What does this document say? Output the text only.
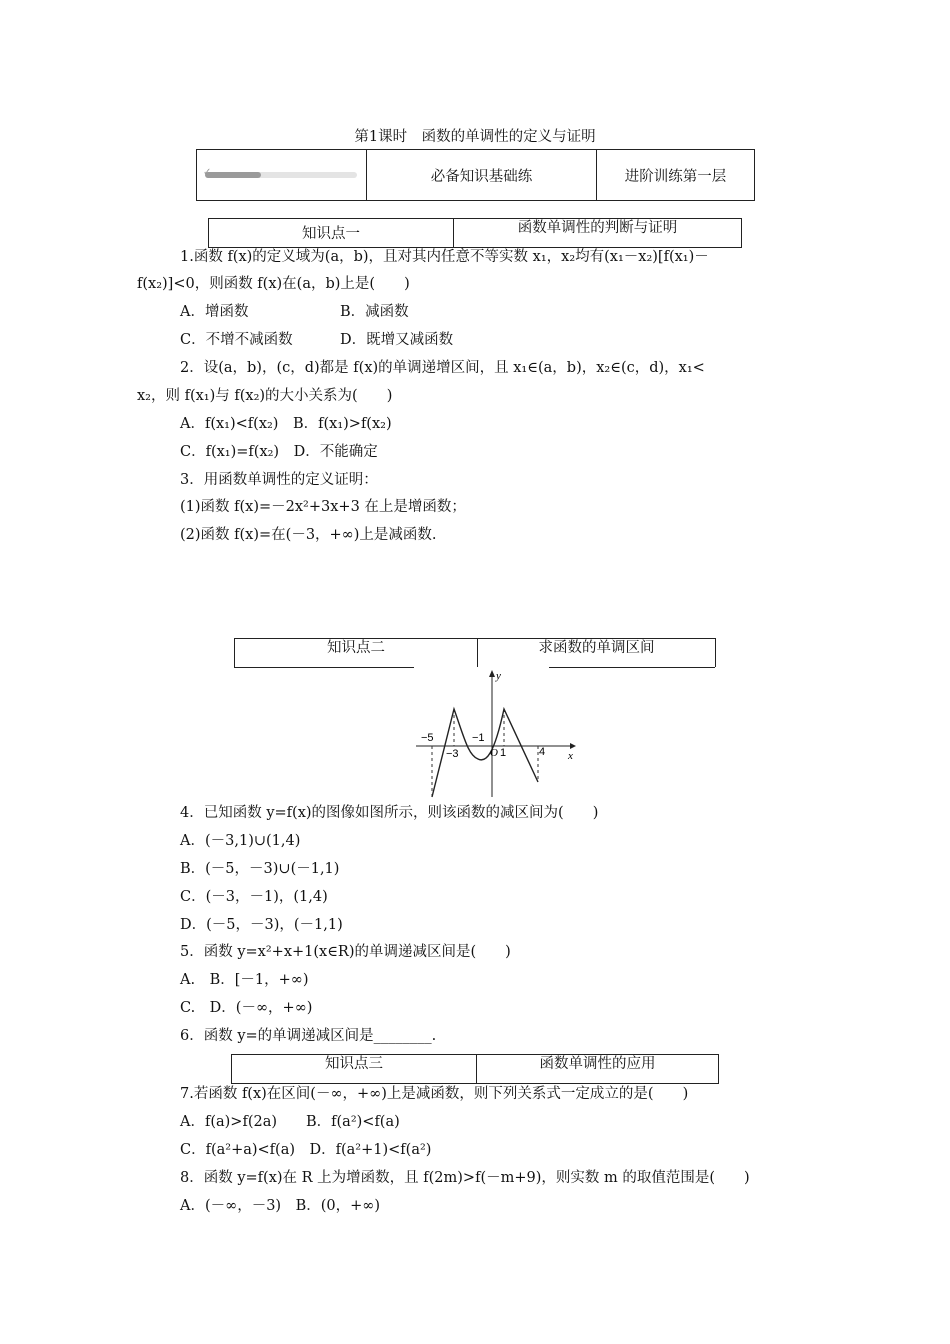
第1课时　函数的单调性的定义与证明
✓	必备知识基础练	进阶训练第一层
知识点一	函数单调性的判断与证明
1.函数 f(x)的定义域为(a，b)，且对其内任意不等实数 x₁，x₂均有(x₁－x₂)[f(x₁)－
f(x₂)]<0，则函数 f(x)在(a，b)上是(　　)
A．增函数	B．减函数
C．不增不减函数	D．既增又减函数
2．设(a，b)，(c，d)都是 f(x)的单调递增区间，且 x₁∈(a，b)，x₂∈(c，d)，x₁<
x₂，则 f(x₁)与 f(x₂)的大小关系为(　　)
A．f(x₁)<f(x₂)　B．f(x₁)>f(x₂)
C．f(x₁)=f(x₂)　D．不能确定
3．用函数单调性的定义证明：
(1)函数 f(x)=－2x²+3x+3 在上是增函数；
(2)函数 f(x)=在(－3，+∞)上是减函数.
知识点二	求函数的单调区间
y
x
−5
−3
−1
O 1	4
4．已知函数 y=f(x)的图像如图所示，则该函数的减区间为(　　)
A．(－3,1)∪(1,4)
B．(－5，－3)∪(－1,1)
C．(－3，－1)，(1,4)
D．(－5，－3)，(－1,1)
5．函数 y=x²+x+1(x∈R)的单调递减区间是(　　)
A.　B．[－1，+∞)
C.　D．(－∞，+∞)
6．函数 y=的单调递减区间是________.
知识点三	函数单调性的应用
7.若函数 f(x)在区间(－∞，+∞)上是减函数，则下列关系式一定成立的是(　　)
A．f(a)>f(2a)　　B．f(a²)<f(a)
C．f(a²+a)<f(a)　D．f(a²+1)<f(a²)
8．函数 y=f(x)在 R 上为增函数，且 f(2m)>f(－m+9)，则实数 m 的取值范围是(　　)
A．(－∞，－3)　B．(0，+∞)
